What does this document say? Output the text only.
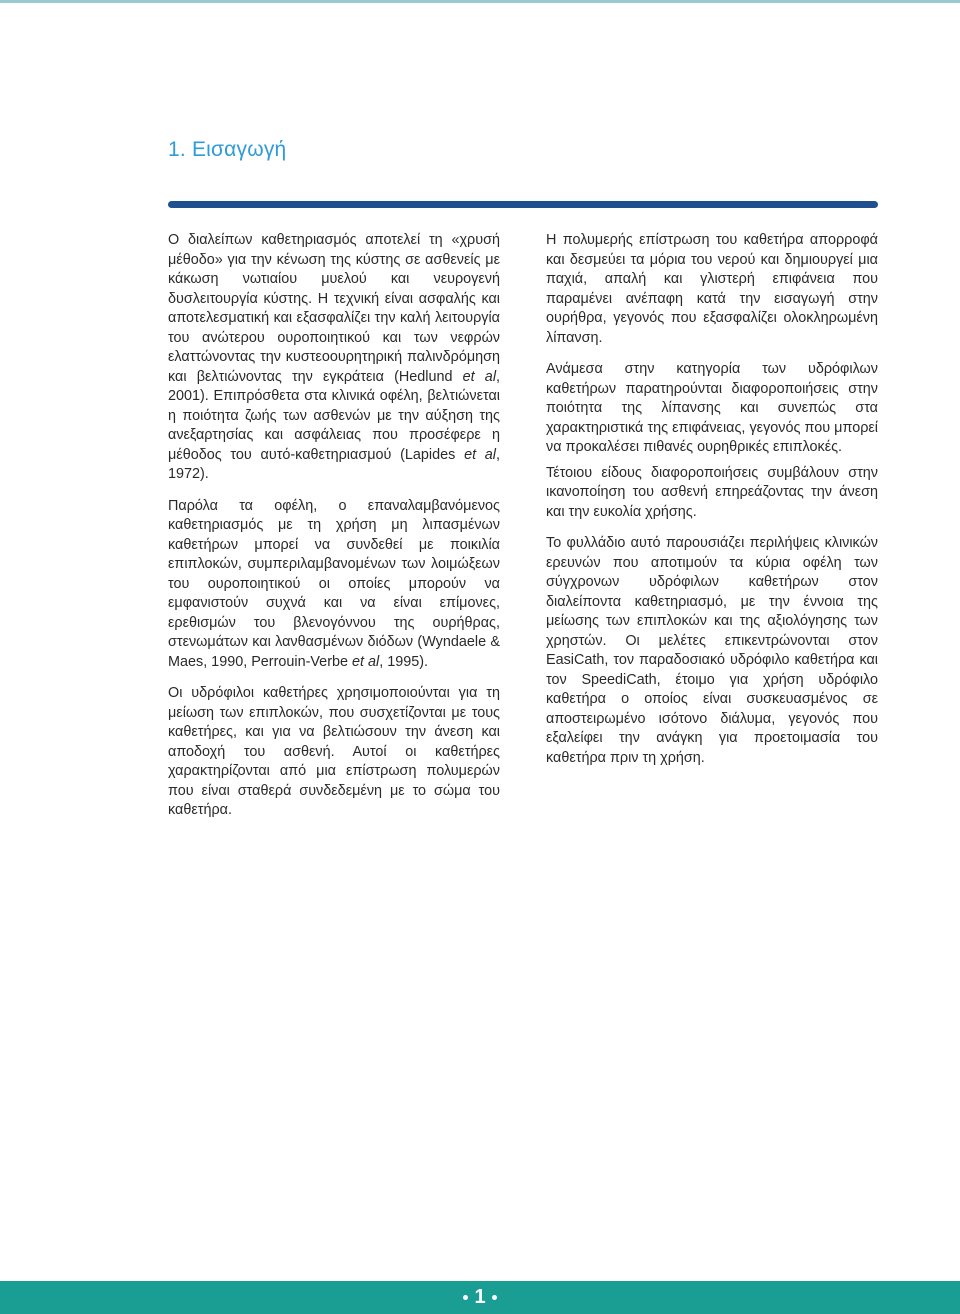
1. Εισαγωγή

Ο διαλείπων καθετηριασμός αποτελεί τη «χρυσή μέθοδο» για την κένωση της κύστης σε ασθενείς με κάκωση νωτιαίου μυελού και νευρογενή δυσλειτουργία κύστης. Η τεχνική είναι ασφαλής και αποτελεσματική και εξασφαλίζει την καλή λειτουργία του ανώτερου ουροποιητικού και των νεφρών ελαττώνοντας την κυστεοουρητηρική παλινδρόμηση και βελτιώνοντας την εγκράτεια (Hedlund et al, 2001). Επιπρόσθετα στα κλινικά οφέλη, βελτιώνεται η ποιότητα ζωής των ασθενών με την αύξηση της ανεξαρτησίας και ασφάλειας που προσέφερε η μέθοδος του αυτό-καθετηριασμού (Lapides et al, 1972).

Παρόλα τα οφέλη, ο επαναλαμβανόμενος καθετηριασμός με τη χρήση μη λιπασμένων καθετήρων μπορεί να συνδεθεί με ποικιλία επιπλοκών, συμπεριλαμβανομένων των λοιμώξεων του ουροποιητικού οι οποίες μπορούν να εμφανιστούν συχνά και να είναι επίμονες, ερεθισμών του βλενογόννου της ουρήθρας, στενωμάτων και λανθασμένων διόδων (Wyndaele & Maes, 1990, Perrouin-Verbe et al, 1995).

Οι υδρόφιλοι καθετήρες χρησιμοποιούνται για τη μείωση των επιπλοκών, που συσχετίζονται με τους καθετήρες, και για να βελτιώσουν την άνεση και αποδοχή του ασθενή. Αυτοί οι καθετήρες χαρακτηρίζονται από μια επίστρωση πολυμερών που είναι σταθερά συνδεδεμένη με το σώμα του καθετήρα.

Η πολυμερής επίστρωση του καθετήρα απορροφά και δεσμεύει τα μόρια του νερού και δημιουργεί μια παχιά, απαλή και γλιστερή επιφάνεια που παραμένει ανέπαφη κατά την εισαγωγή στην ουρήθρα, γεγονός που εξασφαλίζει ολοκληρωμένη λίπανση.

Ανάμεσα στην κατηγορία των υδρόφιλων καθετήρων παρατηρούνται διαφοροποιήσεις στην ποιότητα της λίπανσης και συνεπώς στα χαρακτηριστικά της επιφάνειας, γεγονός που μπορεί να προκαλέσει πιθανές ουρηθρικές επιπλοκές.

Τέτοιου είδους διαφοροποιήσεις συμβάλουν στην ικανοποίηση του ασθενή επηρεάζοντας την άνεση και την ευκολία χρήσης.

Το φυλλάδιο αυτό παρουσιάζει περιλήψεις κλινικών ερευνών που αποτιμούν τα κύρια οφέλη των σύγχρονων υδρόφιλων καθετήρων στον διαλείποντα καθετηριασμό, με την έννοια της μείωσης των επιπλοκών και της αξιολόγησης των χρηστών. Οι μελέτες επικεντρώνονται στον EasiCath, τον παραδοσιακό υδρόφιλο καθετήρα και τον SpeediCath, έτοιμο για χρήση υδρόφιλο καθετήρα ο οποίος είναι συσκευασμένος σε αποστειρωμένο ισότονο διάλυμα, γεγονός που εξαλείφει την ανάγκη για προετοιμασία του καθετήρα πριν τη χρήση.

1
